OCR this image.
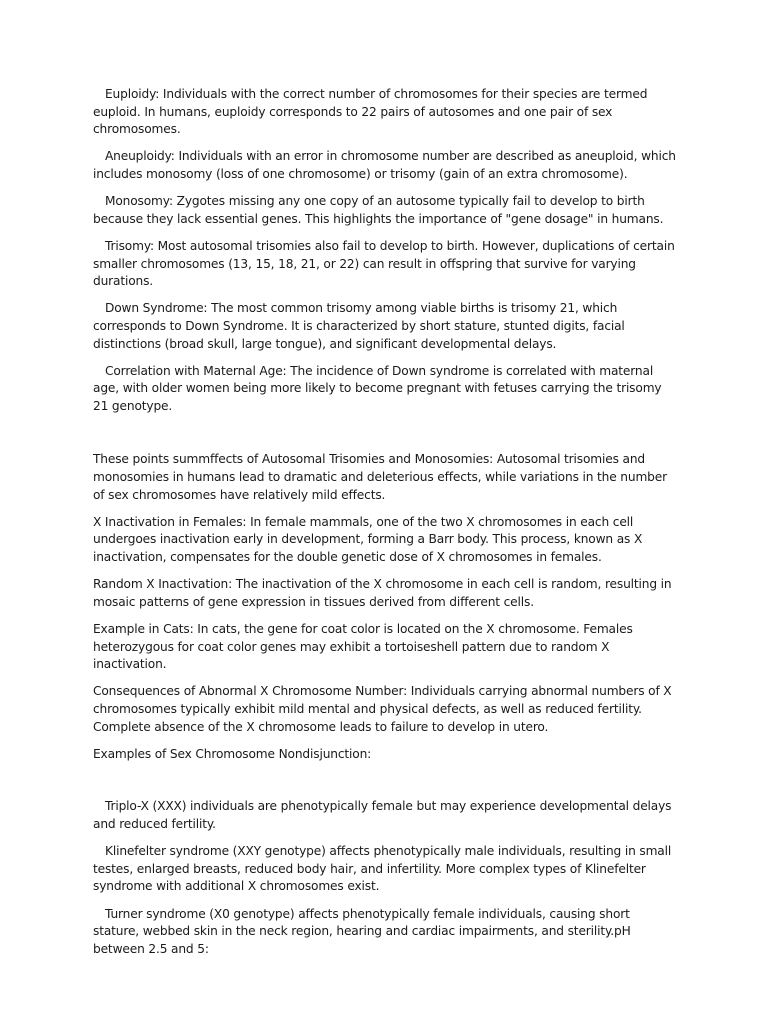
Euploidy: Individuals with the correct number of chromosomes for their species are termed euploid. In humans, euploidy corresponds to 22 pairs of autosomes and one pair of sex chromosomes.

Aneuploidy: Individuals with an error in chromosome number are described as aneuploid, which includes monosomy (loss of one chromosome) or trisomy (gain of an extra chromosome).

Monosomy: Zygotes missing any one copy of an autosome typically fail to develop to birth because they lack essential genes. This highlights the importance of "gene dosage" in humans.

Trisomy: Most autosomal trisomies also fail to develop to birth. However, duplications of certain smaller chromosomes (13, 15, 18, 21, or 22) can result in offspring that survive for varying durations.

Down Syndrome: The most common trisomy among viable births is trisomy 21, which corresponds to Down Syndrome. It is characterized by short stature, stunted digits, facial distinctions (broad skull, large tongue), and significant developmental delays.

Correlation with Maternal Age: The incidence of Down syndrome is correlated with maternal age, with older women being more likely to become pregnant with fetuses carrying the trisomy 21 genotype.

These points summffects of Autosomal Trisomies and Monosomies: Autosomal trisomies and monosomies in humans lead to dramatic and deleterious effects, while variations in the number of sex chromosomes have relatively mild effects.

X Inactivation in Females: In female mammals, one of the two X chromosomes in each cell undergoes inactivation early in development, forming a Barr body. This process, known as X inactivation, compensates for the double genetic dose of X chromosomes in females.

Random X Inactivation: The inactivation of the X chromosome in each cell is random, resulting in mosaic patterns of gene expression in tissues derived from different cells.

Example in Cats: In cats, the gene for coat color is located on the X chromosome. Females heterozygous for coat color genes may exhibit a tortoiseshell pattern due to random X inactivation.

Consequences of Abnormal X Chromosome Number: Individuals carrying abnormal numbers of X chromosomes typically exhibit mild mental and physical defects, as well as reduced fertility. Complete absence of the X chromosome leads to failure to develop in utero.

Examples of Sex Chromosome Nondisjunction:

Triplo-X (XXX) individuals are phenotypically female but may experience developmental delays and reduced fertility.

Klinefelter syndrome (XXY genotype) affects phenotypically male individuals, resulting in small testes, enlarged breasts, reduced body hair, and infertility. More complex types of Klinefelter syndrome with additional X chromosomes exist.

Turner syndrome (X0 genotype) affects phenotypically female individuals, causing short stature, webbed skin in the neck region, hearing and cardiac impairments, and sterility.pH between 2.5 and 5:
